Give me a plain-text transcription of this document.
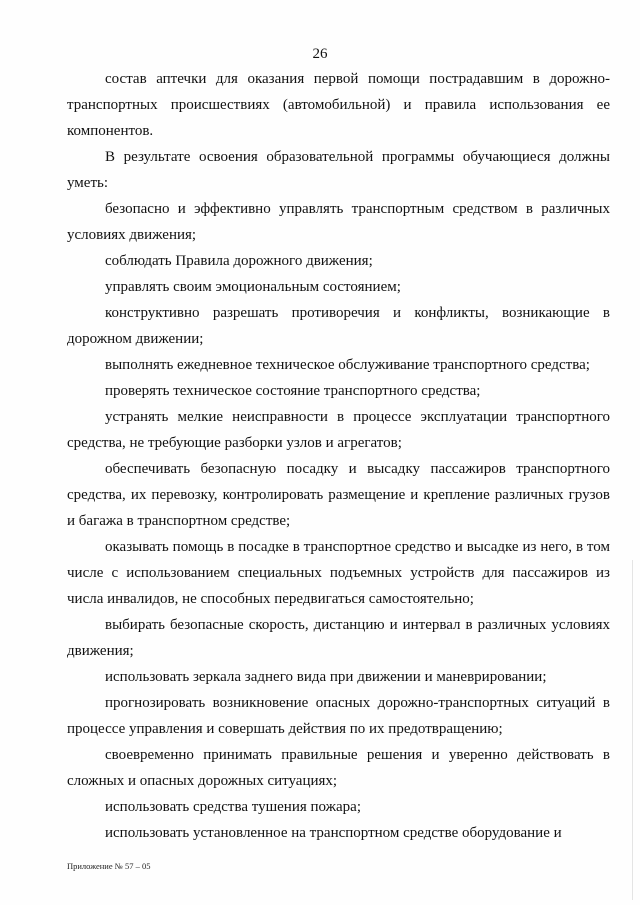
26

состав аптечки для оказания первой помощи пострадавшим в дорожно-транспортных происшествиях (автомобильной) и правила использования ее компонентов.

В результате освоения образовательной программы обучающиеся должны уметь:

безопасно и эффективно управлять транспортным средством в различных условиях движения;

соблюдать Правила дорожного движения;

управлять своим эмоциональным состоянием;

конструктивно разрешать противоречия и конфликты, возникающие в дорожном движении;

выполнять ежедневное техническое обслуживание транспортного средства;

проверять техническое состояние транспортного средства;

устранять мелкие неисправности в процессе эксплуатации транспортного средства, не требующие разборки узлов и агрегатов;

обеспечивать безопасную посадку и высадку пассажиров транспортного средства, их перевозку, контролировать размещение и крепление различных грузов и багажа в транспортном средстве;

оказывать помощь в посадке в транспортное средство и высадке из него, в том числе с использованием специальных подъемных устройств для пассажиров из числа инвалидов, не способных передвигаться самостоятельно;

выбирать безопасные скорость, дистанцию и интервал в различных условиях движения;

использовать зеркала заднего вида при движении и маневрировании;

прогнозировать возникновение опасных дорожно-транспортных ситуаций в процессе управления и совершать действия по их предотвращению;

своевременно принимать правильные решения и уверенно действовать в сложных и опасных дорожных ситуациях;

использовать средства тушения пожара;

использовать установленное на транспортном средстве оборудование и

Приложение № 57 – 05
